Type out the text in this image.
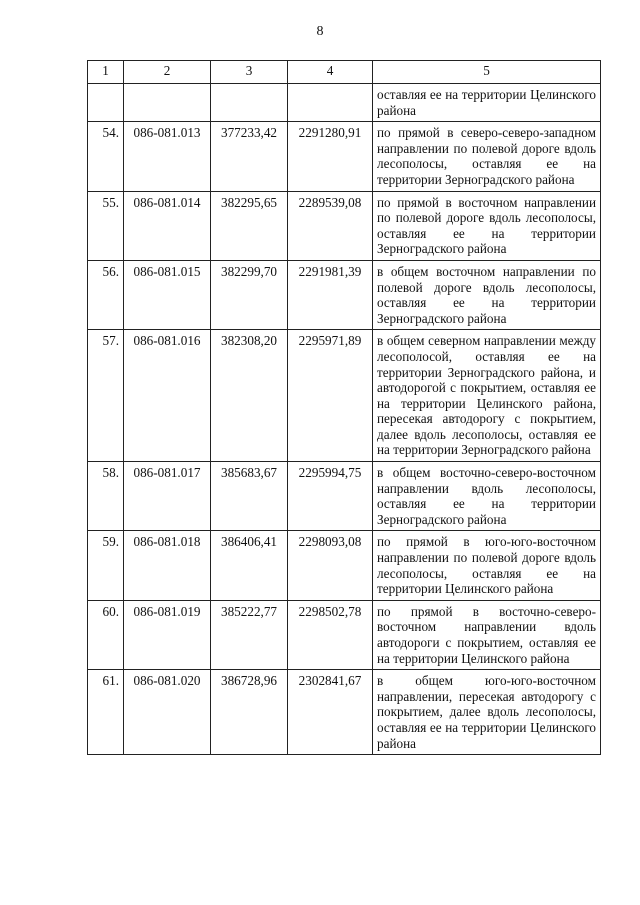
8
1	2	3	4	5
				оставляя ее на территории Целинского района
54.	086-081.013	377233,42	2291280,91	по прямой в северо-северо-западном направлении по полевой дороге вдоль лесополосы, оставляя ее на территории Зерноградского района
55.	086-081.014	382295,65	2289539,08	по прямой в восточном направлении по полевой дороге вдоль лесополосы, оставляя ее на территории Зерноградского района
56.	086-081.015	382299,70	2291981,39	в общем восточном направлении по полевой дороге вдоль лесополосы, оставляя ее на территории Зерноградского района
57.	086-081.016	382308,20	2295971,89	в общем северном направлении между лесополосой, оставляя ее на территории Зерноградского района, и автодорогой с покрытием, оставляя ее на территории Целинского района, пересекая автодорогу с покрытием, далее вдоль лесополосы, оставляя ее на территории Зерноградского района
58.	086-081.017	385683,67	2295994,75	в общем восточно-северо-восточном направлении вдоль лесополосы, оставляя ее на территории Зерноградского района
59.	086-081.018	386406,41	2298093,08	по прямой в юго-юго-восточном направлении по полевой дороге вдоль лесополосы, оставляя ее на территории Целинского района
60.	086-081.019	385222,77	2298502,78	по прямой в восточно-северо-восточном направлении вдоль автодороги с покрытием, оставляя ее на территории Целинского района
61.	086-081.020	386728,96	2302841,67	в общем юго-юго-восточном направлении, пересекая автодорогу с покрытием, далее вдоль лесополосы, оставляя ее на территории Целинского района
